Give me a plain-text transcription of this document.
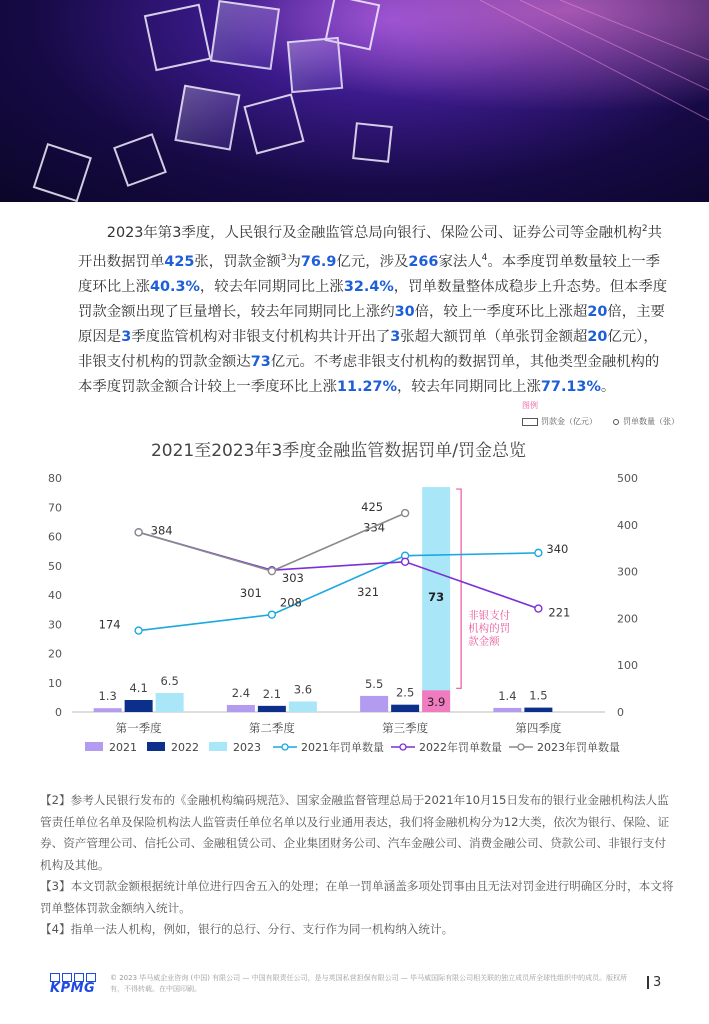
2023年第3季度，人民银行及金融监管总局向银行、保险公司、证券公司等金融机构$^2$共开出数据罚单425张，罚款金额$^3$为76.9亿元，涉及266家法人$^4$。本季度罚单数量较上一季度环比上涨40.3%，较去年同期同比上涨32.4%，罚单数量整体成稳步上升态势。但本季度罚款金额出现了巨量增长，较去年同期同比上涨约30倍，较上一季度环比上涨超20倍，主要原因是3季度监管机构对非银支付机构共计开出了3张超大额罚单（单张罚金额超20亿元），非银支付机构的罚款金额达73亿元。不考虑非银支付机构的数据罚单，其他类型金融机构的本季度罚款金额合计较上一季度环比上涨11.27%，较去年同期同比上涨77.13%。

图例
罚款金（亿元）	罚单数量（张）
2021至2023年3季度金融监管数据罚单/罚金总览
0
10
20
30
40
50
60
70
80
0
100
200
300
400
500
第一季度	第二季度	第三季度	第四季度
1.3	2.4
5.5
1.4
4.1	2.1	2.5	1.5
6.5
3.6
73
3.9
非银支付机构的罚款金额
174
208
334
340
384
303
321
221
301
425
2021	2022	2023	2021年罚单数量	2022年罚单数量	2023年罚单数量

【2】参考人民银行发布的《金融机构编码规范》、国家金融监督管理总局于2021年10月15日发布的银行业金融机构法人监管责任单位名单及保险机构法人监管责任单位名单以及行业通用表达，我们将金融机构分为12大类，依次为银行、保险、证券、资产管理公司、信托公司、金融租赁公司、企业集团财务公司、汽车金融公司、消费金融公司、贷款公司、非银行支付机构及其他。

【3】本文罚款金额根据统计单位进行四舍五入的处理；在单一罚单涵盖多项处罚事由且无法对罚金进行明确区分时，本文将罚单整体罚款金额纳入统计。

【4】指单一法人机构，例如，银行的总行、分行、支行作为同一机构纳入统计。

KPMG
© 2023 毕马威企业咨询 (中国) 有限公司 — 中国有限责任公司，是与英国私营担保有限公司 — 毕马威国际有限公司相关联的独立成员所全球性组织中的成员。版权所有，不得转载。在中国印刷。	3
